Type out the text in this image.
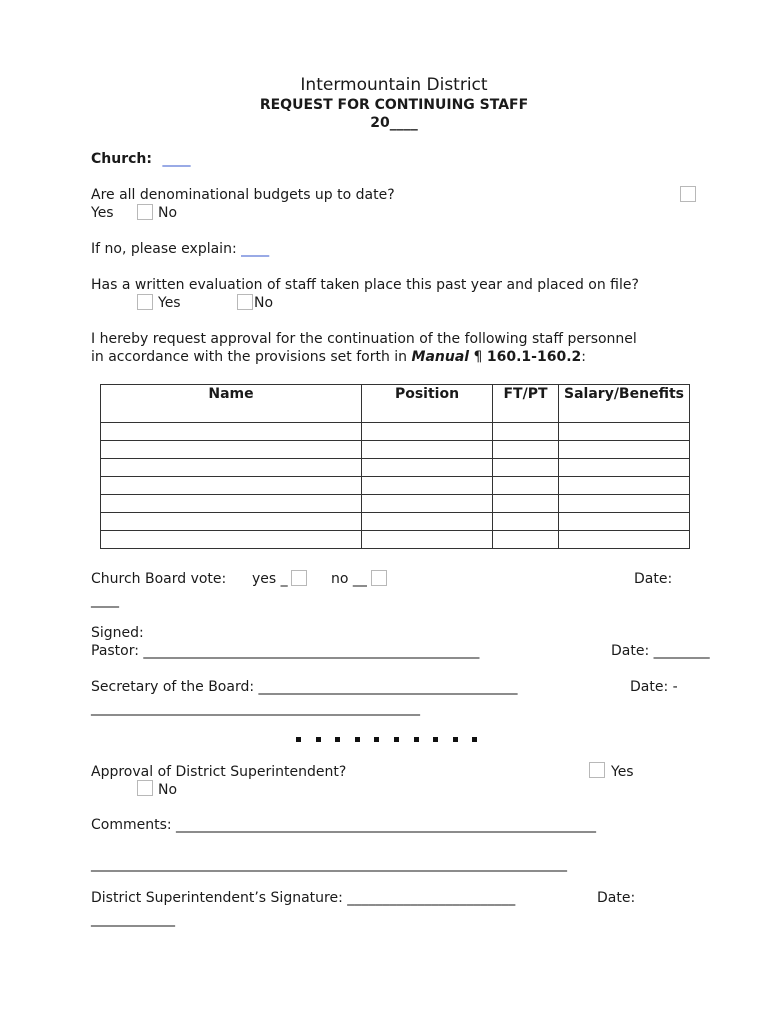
Intermountain District
REQUEST FOR CONTINUING STAFF
20____
Church: ____
Are all denominational budgets up to date?
Yes	No
If no, please explain: ____
Has a written evaluation of staff taken place this past year and placed on file?
Yes	No
I hereby request approval for the continuation of the following staff personnel
in accordance with the provisions set forth in Manual ¶ 160.1-160.2:
Name	Position	FT/PT	Salary/Benefits

Church Board vote: yes _	no __	Date:
____
Signed:
Pastor: ________________________________________________	Date: ________
Secretary of the Board: _____________________________________	Date: -
_______________________________________________
Approval of District Superintendent?	Yes
No
Comments: ____________________________________________________________
____________________________________________________________________
District Superintendent’s Signature: ________________________	Date:
____________
